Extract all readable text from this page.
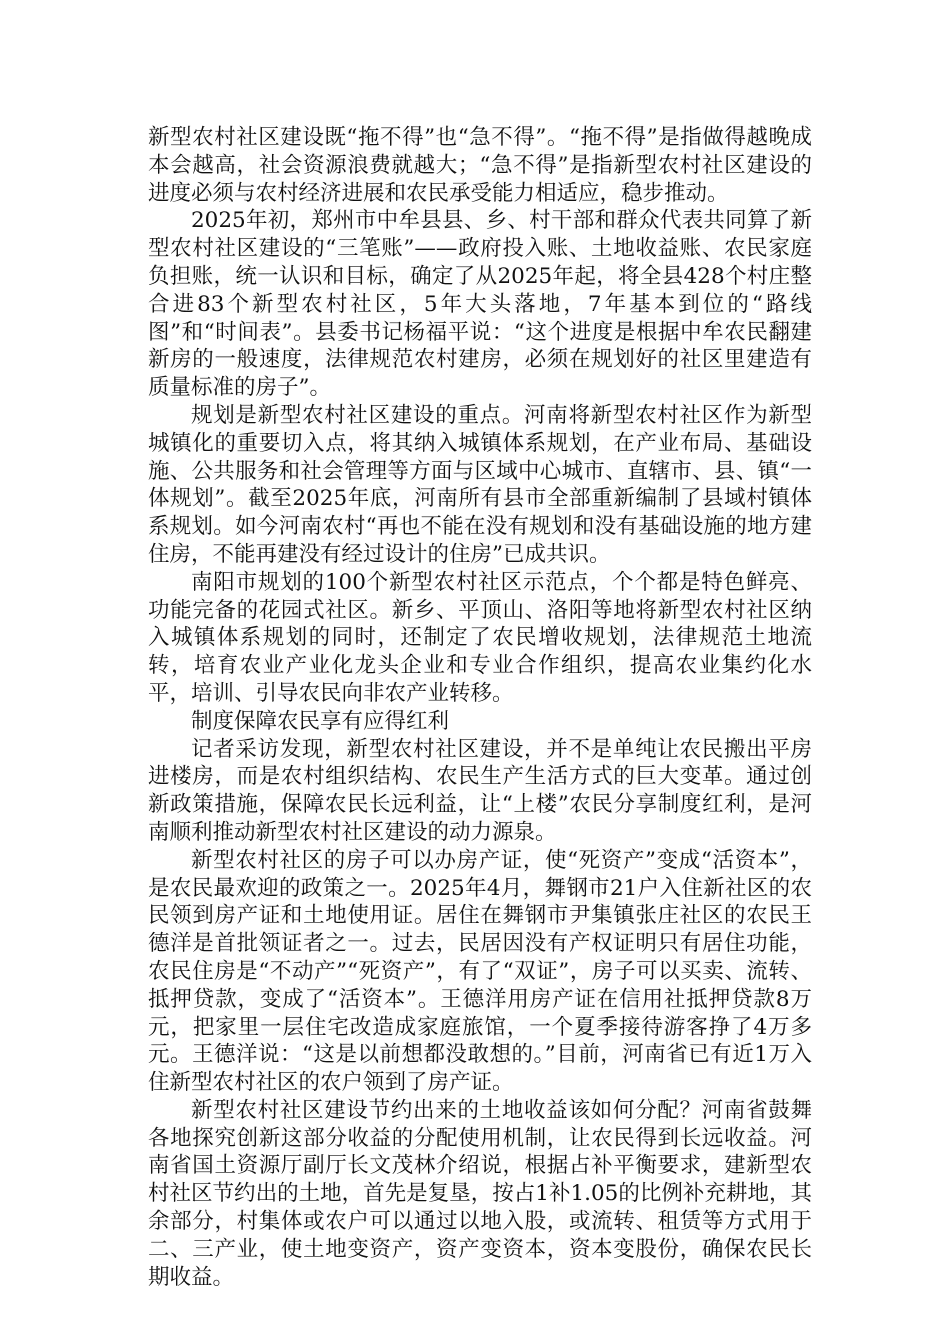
新型农村社区建设既“拖不得”也“急不得”。“拖不得”是指做得越晚成本会越高，社会资源浪费就越大；“急不得”是指新型农村社区建设的进度必须与农村经济进展和农民承受能力相适应，稳步推动。

2025年初，郑州市中牟县县、乡、村干部和群众代表共同算了新型农村社区建设的“三笔账”——政府投入账、土地收益账、农民家庭负担账，统一认识和目标，确定了从2025年起，将全县428个村庄整合进83个新型农村社区，5年大头落地，7年基本到位的“路线图”和“时间表”。县委书记杨福平说：“这个进度是根据中牟农民翻建新房的一般速度，法律规范农村建房，必须在规划好的社区里建造有质量标准的房子”。

规划是新型农村社区建设的重点。河南将新型农村社区作为新型城镇化的重要切入点，将其纳入城镇体系规划，在产业布局、基础设施、公共服务和社会管理等方面与区域中心城市、直辖市、县、镇“一体规划”。截至2025年底，河南所有县市全部重新编制了县域村镇体系规划。如今河南农村“再也不能在没有规划和没有基础设施的地方建住房，不能再建没有经过设计的住房”已成共识。

南阳市规划的100个新型农村社区示范点，个个都是特色鲜亮、功能完备的花园式社区。新乡、平顶山、洛阳等地将新型农村社区纳入城镇体系规划的同时，还制定了农民增收规划，法律规范土地流转，培育农业产业化龙头企业和专业合作组织，提高农业集约化水平，培训、引导农民向非农产业转移。

制度保障农民享有应得红利

记者采访发现，新型农村社区建设，并不是单纯让农民搬出平房进楼房，而是农村组织结构、农民生产生活方式的巨大变革。通过创新政策措施，保障农民长远利益，让“上楼”农民分享制度红利，是河南顺利推动新型农村社区建设的动力源泉。

新型农村社区的房子可以办房产证，使“死资产”变成“活资本”，是农民最欢迎的政策之一。2025年4月，舞钢市21户入住新社区的农民领到房产证和土地使用证。居住在舞钢市尹集镇张庄社区的农民王德洋是首批领证者之一。过去，民居因没有产权证明只有居住功能，农民住房是“不动产”“死资产”，有了“双证”，房子可以买卖、流转、抵押贷款，变成了“活资本”。王德洋用房产证在信用社抵押贷款8万元，把家里一层住宅改造成家庭旅馆，一个夏季接待游客挣了4万多元。王德洋说：“这是以前想都没敢想的。”目前，河南省已有近1万入住新型农村社区的农户领到了房产证。

新型农村社区建设节约出来的土地收益该如何分配？河南省鼓舞各地探究创新这部分收益的分配使用机制，让农民得到长远收益。河南省国土资源厅副厅长文茂林介绍说，根据占补平衡要求，建新型农村社区节约出的土地，首先是复垦，按占1补1.05的比例补充耕地，其余部分，村集体或农户可以通过以地入股，或流转、租赁等方式用于二、三产业，使土地变资产，资产变资本，资本变股份，确保农民长期收益。
